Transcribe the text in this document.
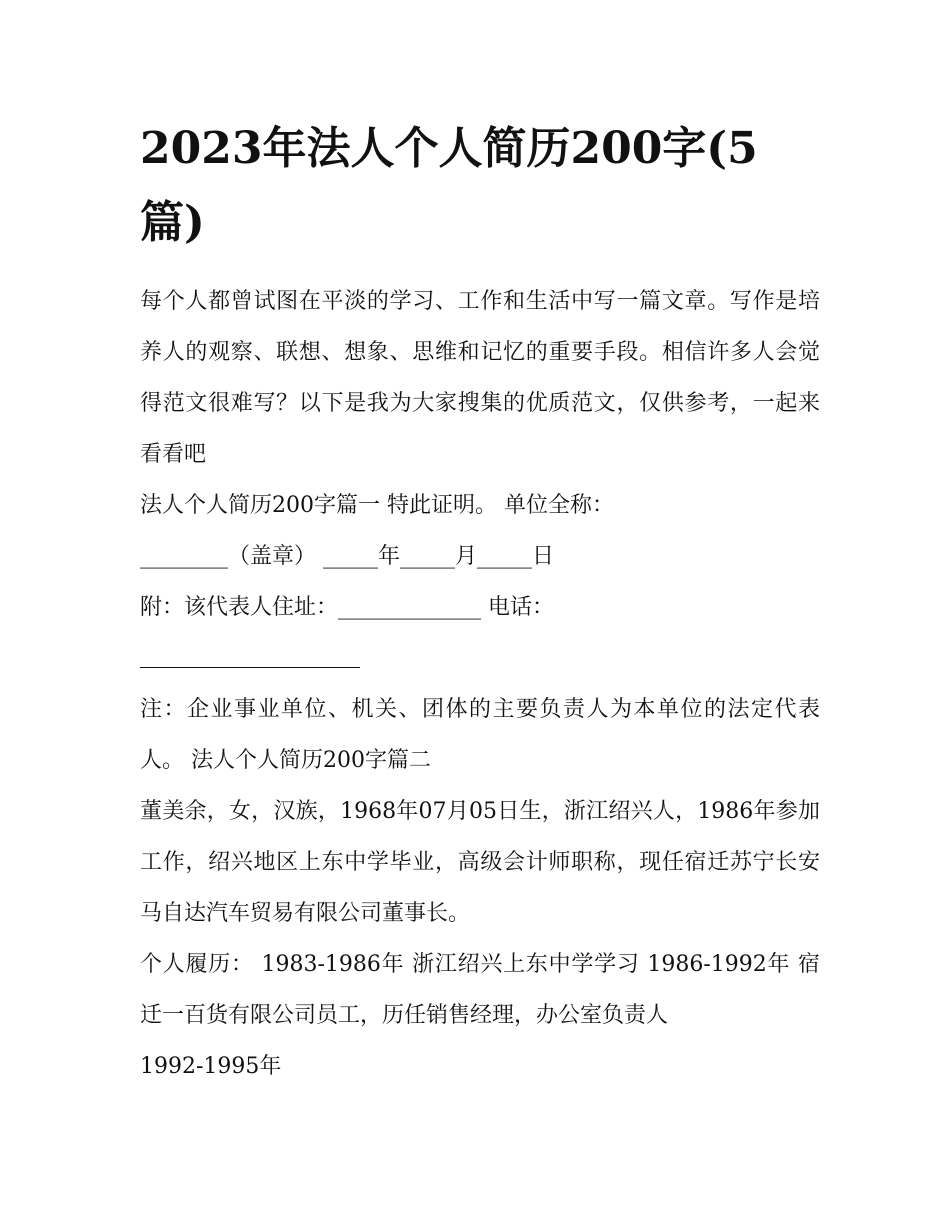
2023年法人个人简历200字(5篇)

每个人都曾试图在平淡的学习、工作和生活中写一篇文章。写作是培养人的观察、联想、想象、思维和记忆的重要手段。相信许多人会觉得范文很难写？以下是我为大家搜集的优质范文，仅供参考，一起来看看吧

法人个人简历200字篇一 特此证明。 单位全称：

________（盖章） _____年_____月_____日

附：该代表人住址：_____________ 电话：

注：企业事业单位、机关、团体的主要负责人为本单位的法定代表人。 法人个人简历200字篇二

董美余，女，汉族，1968年07月05日生，浙江绍兴人，1986年参加工作，绍兴地区上东中学毕业，高级会计师职称，现任宿迁苏宁长安马自达汽车贸易有限公司董事长。

个人履历： 1983-1986年 浙江绍兴上东中学学习 1986-1992年 宿迁一百货有限公司员工，历任销售经理，办公室负责人

1992-1995年
